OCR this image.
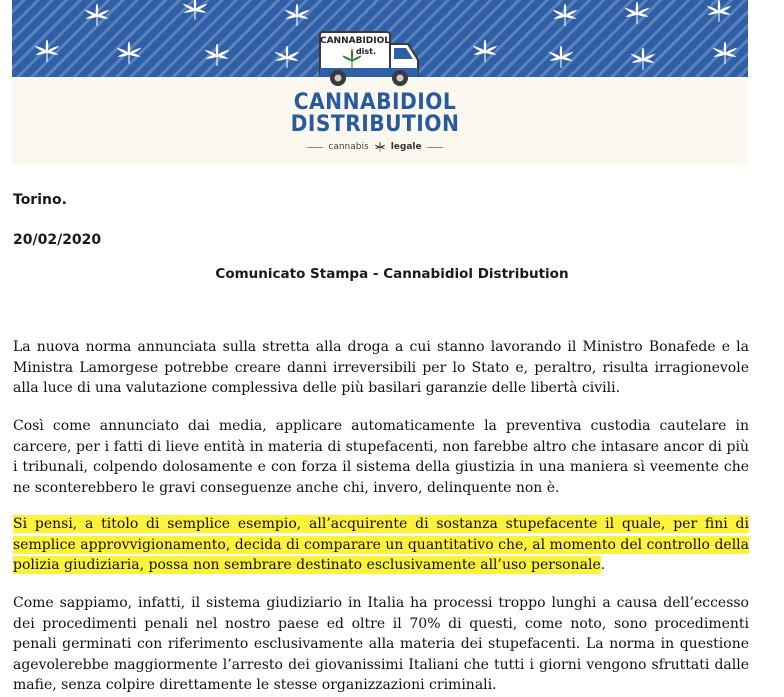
CANNABIDIOL
dist.
CANNABIDIOL
DISTRIBUTION
cannabis legale
Torino.
20/02/2020
Comunicato Stampa - Cannabidiol Distribution

La nuova norma annunciata sulla stretta alla droga a cui stanno lavorando il Ministro Bonafede e la Ministra Lamorgese potrebbe creare danni irreversibili per lo Stato e, peraltro, risulta irragionevole alla luce di una valutazione complessiva delle più basilari garanzie delle libertà civili.

Così come annunciato dai media, applicare automaticamente la preventiva custodia cautelare in carcere, per i fatti di lieve entità in materia di stupefacenti, non farebbe altro che intasare ancor di più i tribunali, colpendo dolosamente e con forza il sistema della giustizia in una maniera sì veemente che ne sconterebbero le gravi conseguenze anche chi, invero, delinquente non è.

Si pensi, a titolo di semplice esempio, all’acquirente di sostanza stupefacente il quale, per fini di semplice approvvigionamento, decida di comparare un quantitativo che, al momento del controllo della polizia giudiziaria, possa non sembrare destinato esclusivamente all’uso personale.

Come sappiamo, infatti, il sistema giudiziario in Italia ha processi troppo lunghi a causa dell’eccesso dei procedimenti penali nel nostro paese ed oltre il 70% di questi, come noto, sono procedimenti penali germinati con riferimento esclusivamente alla materia dei stupefacenti. La norma in questione agevolerebbe maggiormente l’arresto dei giovanissimi Italiani che tutti i giorni vengono sfruttati dalle mafie, senza colpire direttamente le stesse organizzazioni criminali.
